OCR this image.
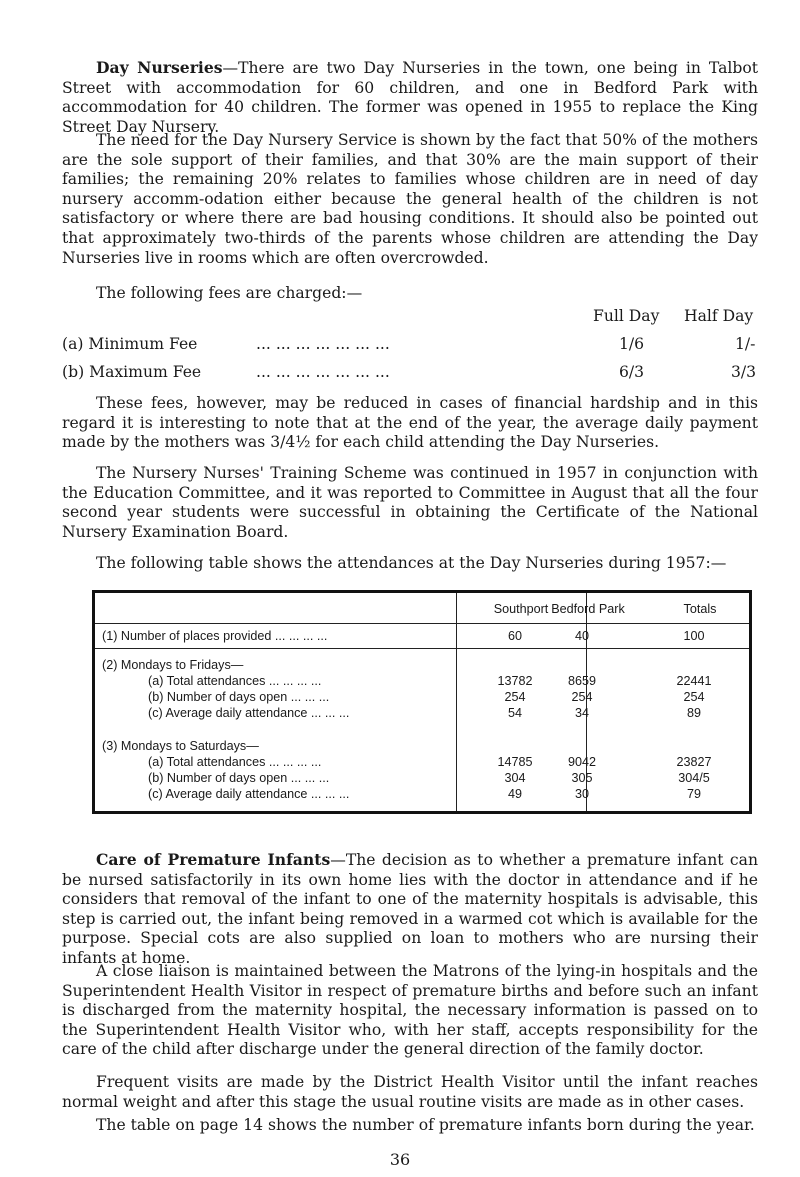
Day Nurseries—There are two Day Nurseries in the town, one being in Talbot Street with accommodation for 60 children, and one in Bedford Park with accommodation for 40 children. The former was opened in 1955 to replace the King Street Day Nursery.

The need for the Day Nursery Service is shown by the fact that 50% of the mothers are the sole support of their families, and that 30% are the main support of their families; the remaining 20% relates to families whose children are in need of day nursery accomm-odation either because the general health of the children is not satisfactory or where there are bad housing conditions. It should also be pointed out that approximately two-thirds of the parents whose children are attending the Day Nurseries live in rooms which are often overcrowded.

The following fees are charged:—

Full Day Half Day
(a) Minimum Fee	... ... ... ... ... ... ...	1/6	1/-
(b) Maximum Fee	... ... ... ... ... ... ...	6/3	3/3

These fees, however, may be reduced in cases of financial hardship and in this regard it is interesting to note that at the end of the year, the average daily payment made by the mothers was 3/4½ for each child attending the Day Nurseries.

The Nursery Nurses' Training Scheme was continued in 1957 in conjunction with the Education Committee, and it was reported to Committee in August that all the four second year students were successful in obtaining the Certificate of the National Nursery Examination Board.

The following table shows the attendances at the Day Nurseries during 1957:—

Southport Bedford Park	Totals
(1) Number of places provided ... ... ... ...	60	40	100
(2) Mondays to Fridays—
(a) Total attendances ... ... ... ...	13782	8659	22441
(b) Number of days open ... ... ...	254	254	254
(c) Average daily attendance ... ... ...	54	34	89
(3) Mondays to Saturdays—
(a) Total attendances ... ... ... ...	14785	9042	23827
(b) Number of days open ... ... ...	304	305	304/5
(c) Average daily attendance ... ... ...	49	30	79

Care of Premature Infants—The decision as to whether a premature infant can be nursed satisfactorily in its own home lies with the doctor in attendance and if he considers that removal of the infant to one of the maternity hospitals is advisable, this step is carried out, the infant being removed in a warmed cot which is available for the purpose. Special cots are also supplied on loan to mothers who are nursing their infants at home.

A close liaison is maintained between the Matrons of the lying-in hospitals and the Superintendent Health Visitor in respect of premature births and before such an infant is discharged from the maternity hospital, the necessary information is passed on to the Superintendent Health Visitor who, with her staff, accepts responsibility for the care of the child after discharge under the general direction of the family doctor.

Frequent visits are made by the District Health Visitor until the infant reaches normal weight and after this stage the usual routine visits are made as in other cases.

The table on page 14 shows the number of premature infants born during the year.

36
